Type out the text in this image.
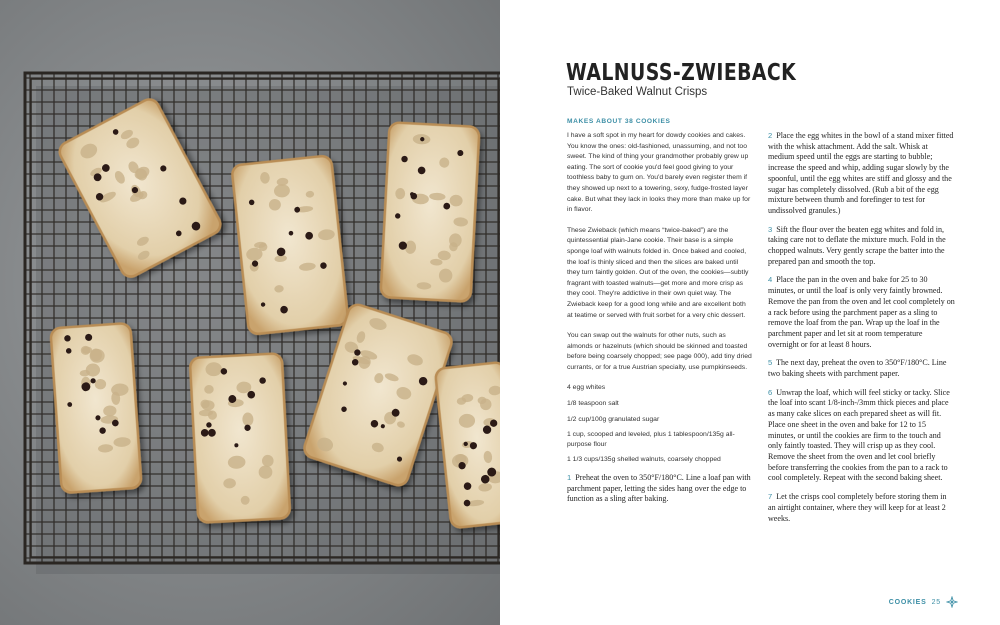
WALNUSS-ZWIEBACK
Twice-Baked Walnut Crisps
MAKES ABOUT 38 COOKIES

I have a soft spot in my heart for dowdy cookies and cakes. You know the ones: old-fashioned, unassuming, and not too sweet. The kind of thing your grandmother probably grew up eating. The sort of cookie you'd feel good giving to your toothless baby to gum on. You'd barely even register them if they showed up next to a towering, sexy, fudge-frosted layer cake. But what they lack in looks they more than make up for in flavor.

These Zwieback (which means “twice-baked”) are the quintessential plain-Jane cookie. Their base is a simple sponge loaf with walnuts folded in. Once baked and cooled, the loaf is thinly sliced and then the slices are baked until they turn faintly golden. Out of the oven, the cookies—subtly fragrant with toasted walnuts—get more and more crisp as they cool. They're addictive in their own quiet way. The Zwieback keep for a good long while and are excellent both at teatime or served with fruit sorbet for a very chic dessert.

You can swap out the walnuts for other nuts, such as almonds or hazelnuts (which should be skinned and toasted before being coarsely chopped; see page 000), add tiny dried currants, or for a true Austrian specialty, use pumpkinseeds.

4 egg whites
1/8 teaspoon salt
1/2 cup/100g granulated sugar
1 cup, scooped and leveled, plus 1 tablespoon/135g all-purpose flour
1 1/3 cups/135g shelled walnuts, coarsely chopped

1 Preheat the oven to 350°F/180°C. Line a loaf pan with parchment paper, letting the sides hang over the edge to function as a sling after baking.

2 Place the egg whites in the bowl of a stand mixer fitted with the whisk attachment. Add the salt. Whisk at medium speed until the eggs are starting to bubble; increase the speed and whip, adding sugar slowly by the spoonful, until the egg whites are stiff and glossy and the sugar has completely dissolved. (Rub a bit of the egg mixture between thumb and forefinger to test for undissolved granules.)

3 Sift the flour over the beaten egg whites and fold in, taking care not to deflate the mixture much. Fold in the chopped walnuts. Very gently scrape the batter into the prepared pan and smooth the top.

4 Place the pan in the oven and bake for 25 to 30 minutes, or until the loaf is only very faintly browned. Remove the pan from the oven and let cool completely on a rack before using the parchment paper as a sling to remove the loaf from the pan. Wrap up the loaf in the parchment paper and let sit at room temperature overnight or for at least 8 hours.

5 The next day, preheat the oven to 350°F/180°C. Line two baking sheets with parchment paper.

6 Unwrap the loaf, which will feel sticky or tacky. Slice the loaf into scant 1/8-inch-/3mm thick pieces and place as many cake slices on each prepared sheet as will fit. Place one sheet in the oven and bake for 12 to 15 minutes, or until the cookies are firm to the touch and only faintly toasted. They will crisp up as they cool. Remove the sheet from the oven and let cool briefly before transferring the cookies from the pan to a rack to cool completely. Repeat with the second baking sheet.

7 Let the crisps cool completely before storing them in an airtight container, where they will keep for at least 2 weeks.

COOKIES 25
